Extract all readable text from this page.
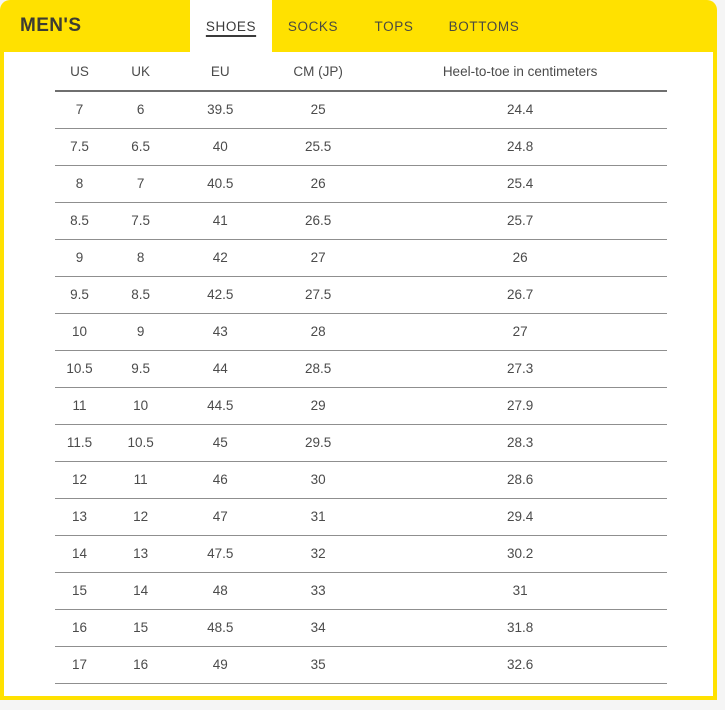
MEN'S	SHOES SOCKS	TOPS	BOTTOMS
US	UK	EU	CM (JP)	Heel-to-toe in centimeters
7	6	39.5	25	24.4
7.5	6.5	40	25.5	24.8
8	7	40.5	26	25.4
8.5	7.5	41	26.5	25.7
9	8	42	27	26
9.5	8.5	42.5	27.5	26.7
10	9	43	28	27
10.5	9.5	44	28.5	27.3
11	10	44.5	29	27.9
11.5	10.5	45	29.5	28.3
12	11	46	30	28.6
13	12	47	31	29.4
14	13	47.5	32	30.2
15	14	48	33	31
16	15	48.5	34	31.8
17	16	49	35	32.6
